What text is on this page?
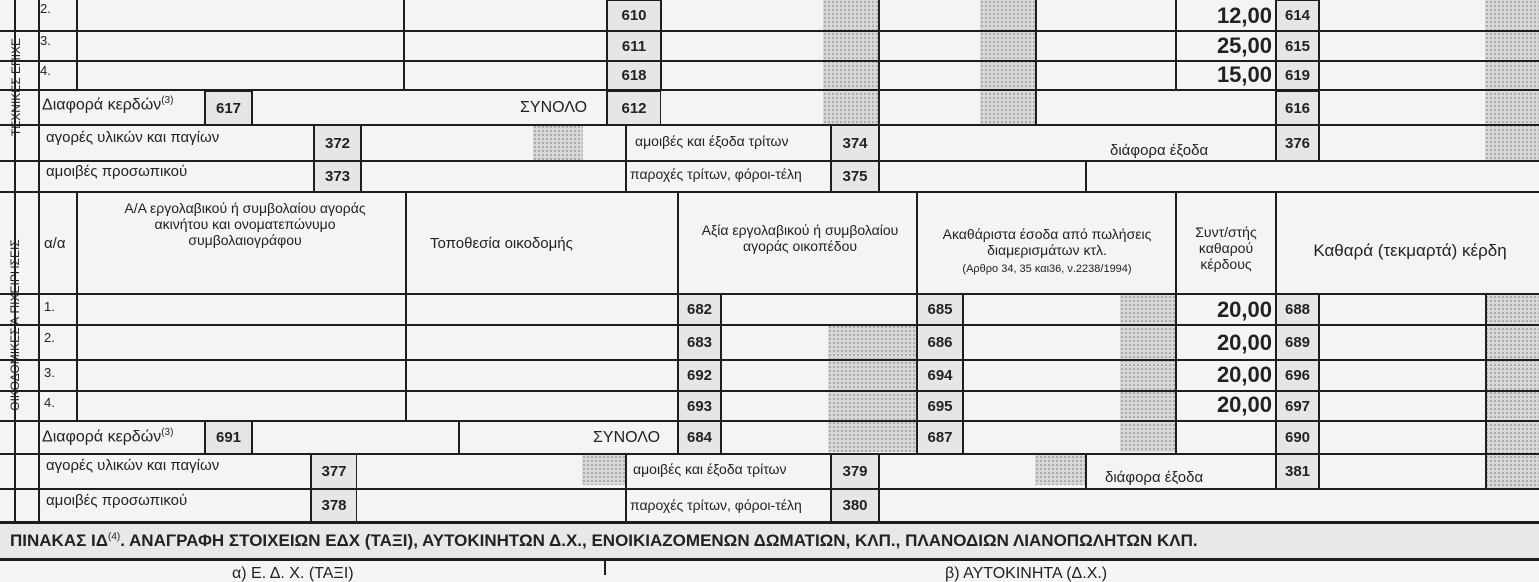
ΤΕΧΝΙΚΕΣ ΕΠΙΧΕ
2.	610	12,00 614
3.	611	25,00 615
4.	618	15,00 619
Διαφορά κερδών$^{(3)}$	617	ΣΥΝΟΛΟ	612	616
αγορές υλικών και παγίων	372	αμοιβές και έξοδα τρίτων	374	διάφορα έξοδα	376
αμοιβές προσωπικού	373	παροχές τρίτων, φόροι-τέλη	375
ΟΙΚΟΔΟΜΙΚΕΣ Ά ΠΙΧΕΙΡΗΣΕΙΣ α/α
Α/Α εργολαβικού ή συμβολαίου αγοράς ακινήτου και ονοματεπώνυμο συμβολαιογράφου	Τοποθεσία οικοδομής
Αξία εργολαβικού ή συμβολαίου αγοράς οικοπέδου
Ακαθάριστα έσοδα από πωλήσεις διαμερισμάτων κτλ.
(Αρθρο 34, 35 και36, ν.2238/1994)
Συντ/στής καθαρού κέρδους
Καθαρά (τεκμαρτά) κέρδη
1.	682	685	20,00 688
2.	683	686	20,00 689
3.	692	694	20,00 696
4.	693	695	20,00 697
Διαφορά κερδών$^{(3)}$	691	ΣΥΝΟΛΟ	684	687	690
αγορές υλικών και παγίων	377	αμοιβές και έξοδα τρίτων	379	διάφορα έξοδα	381
αμοιβές προσωπικού	378	παροχές τρίτων, φόροι-τέλη	380
ΠΙΝΑΚΑΣ ΙΔ$^{(4)}$. ΑΝΑΓΡΑΦΗ ΣΤΟΙΧΕΙΩΝ ΕΔΧ (ΤΑΞΙ), ΑΥΤΟΚΙΝΗΤΩΝ Δ.Χ., ΕΝΟΙΚΙΑΖΟΜΕΝΩΝ ΔΩΜΑΤΙΩΝ, ΚΛΠ., ΠΛΑΝΟΔΙΩΝ ΛΙΑΝΟΠΩΛΗΤΩΝ ΚΛΠ.
α) Ε. Δ. Χ. (ΤΑΞΙ)	β) ΑΥΤΟΚΙΝΗΤΑ (Δ.Χ.)
